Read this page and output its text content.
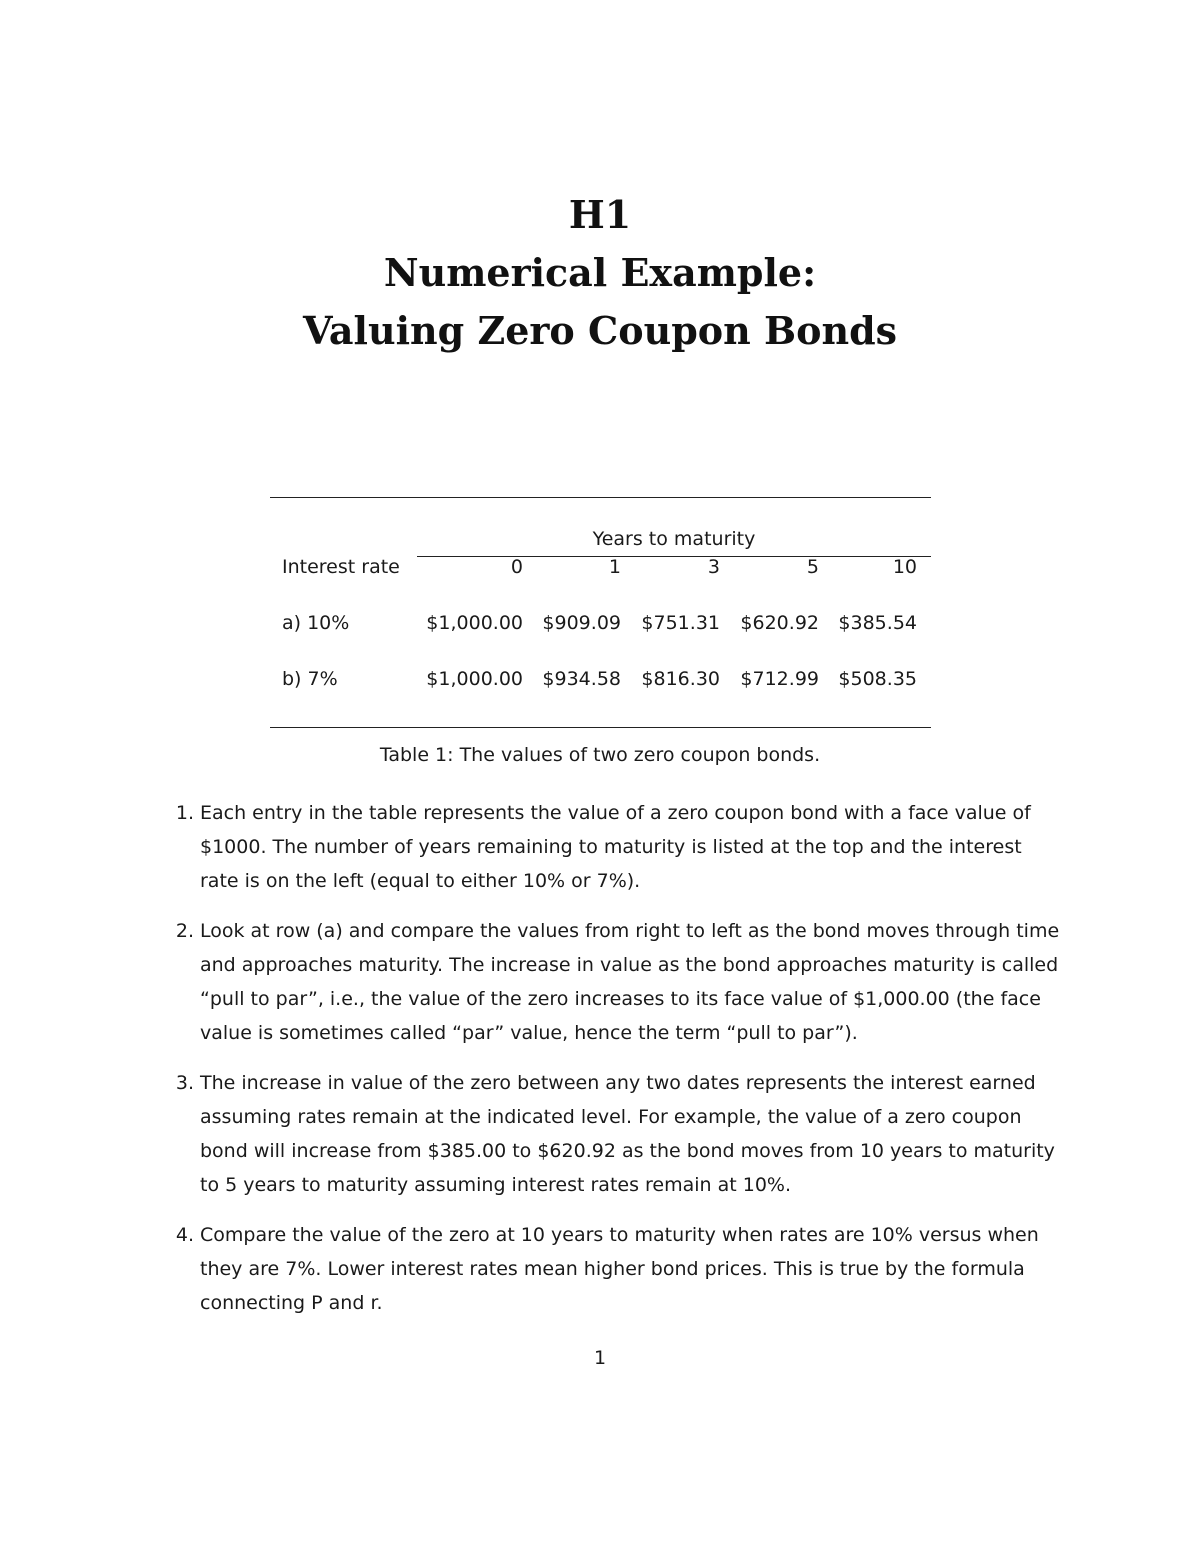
H1
Numerical Example:
Valuing Zero Coupon Bonds
Years to maturity
Interest rate	0	1	3	5	10
a) 10%	$1,000.00	$909.09	$751.31	$620.92	$385.54
b) 7%	$1,000.00	$934.58	$816.30	$712.99	$508.35
Table 1: The values of two zero coupon bonds.
1. Each entry in the table represents the value of a zero coupon bond with a face value of $1000. The number of years remaining to maturity is listed at the top and the interest rate is on the left (equal to either 10% or 7%).
2. Look at row (a) and compare the values from right to left as the bond moves through time and approaches maturity. The increase in value as the bond approaches maturity is called “pull to par”, i.e., the value of the zero increases to its face value of $1,000.00 (the face value is sometimes called “par” value, hence the term “pull to par”).
3. The increase in value of the zero between any two dates represents the interest earned assuming rates remain at the indicated level. For example, the value of a zero coupon bond will increase from $385.00 to $620.92 as the bond moves from 10 years to maturity to 5 years to maturity assuming interest rates remain at 10%.
4. Compare the value of the zero at 10 years to maturity when rates are 10% versus when they are 7%. Lower interest rates mean higher bond prices. This is true by the formula connecting P and r.
1
